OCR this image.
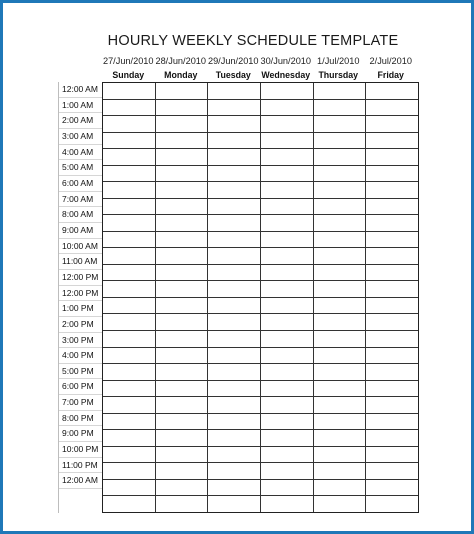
HOURLY WEEKLY SCHEDULE TEMPLATE
27/Jun/2010 28/Jun/2010 29/Jun/2010 30/Jun/2010 1/Jul/2010	2/Jul/2010
Sunday	Monday	Tuesday	Wednesday Thursday	Friday
12:00 AM
1:00 AM
2:00 AM
3:00 AM
4:00 AM
5:00 AM
6:00 AM
7:00 AM
8:00 AM
9:00 AM
10:00 AM
11:00 AM
12:00 PM
12:00 PM
1:00 PM
2:00 PM
3:00 PM
4:00 PM
5:00 PM
6:00 PM
7:00 PM
8:00 PM
9:00 PM
10:00 PM
11:00 PM
12:00 AM
